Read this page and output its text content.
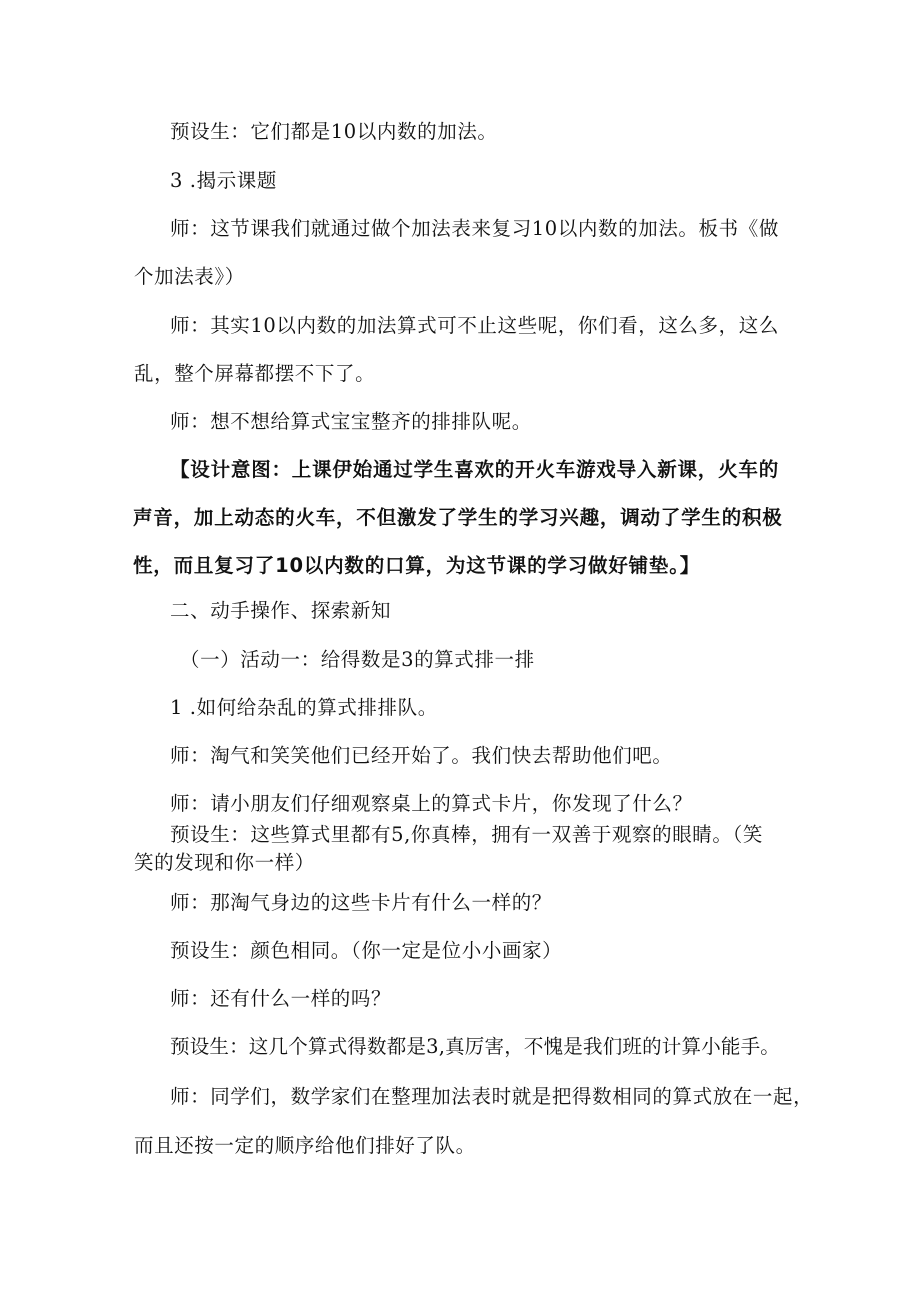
预设生：它们都是10以内数的加法。
3 .揭示课题
师：这节课我们就通过做个加法表来复习10以内数的加法。板书《做
个加法表》）
师：其实10以内数的加法算式可不止这些呢，你们看，这么多，这么
乱，整个屏幕都摆不下了。
师：想不想给算式宝宝整齐的排排队呢。
【设计意图：上课伊始通过学生喜欢的开火车游戏导入新课，火车的
声音，加上动态的火车，不但激发了学生的学习兴趣，调动了学生的积极
性，而且复习了10以内数的口算，为这节课的学习做好铺垫。】
二、动手操作、探索新知
（一）活动一：给得数是3的算式排一排
1 .如何给杂乱的算式排排队。
师：淘气和笑笑他们已经开始了。我们快去帮助他们吧。
师：请小朋友们仔细观察桌上的算式卡片，你发现了什么？
预设生：这些算式里都有5,你真棒，拥有一双善于观察的眼睛。（笑
笑的发现和你一样）
师：那淘气身边的这些卡片有什么一样的？
预设生：颜色相同。（你一定是位小小画家）
师：还有什么一样的吗？
预设生：这几个算式得数都是3,真厉害，不愧是我们班的计算小能手。
师：同学们，数学家们在整理加法表时就是把得数相同的算式放在一起，
而且还按一定的顺序给他们排好了队。
